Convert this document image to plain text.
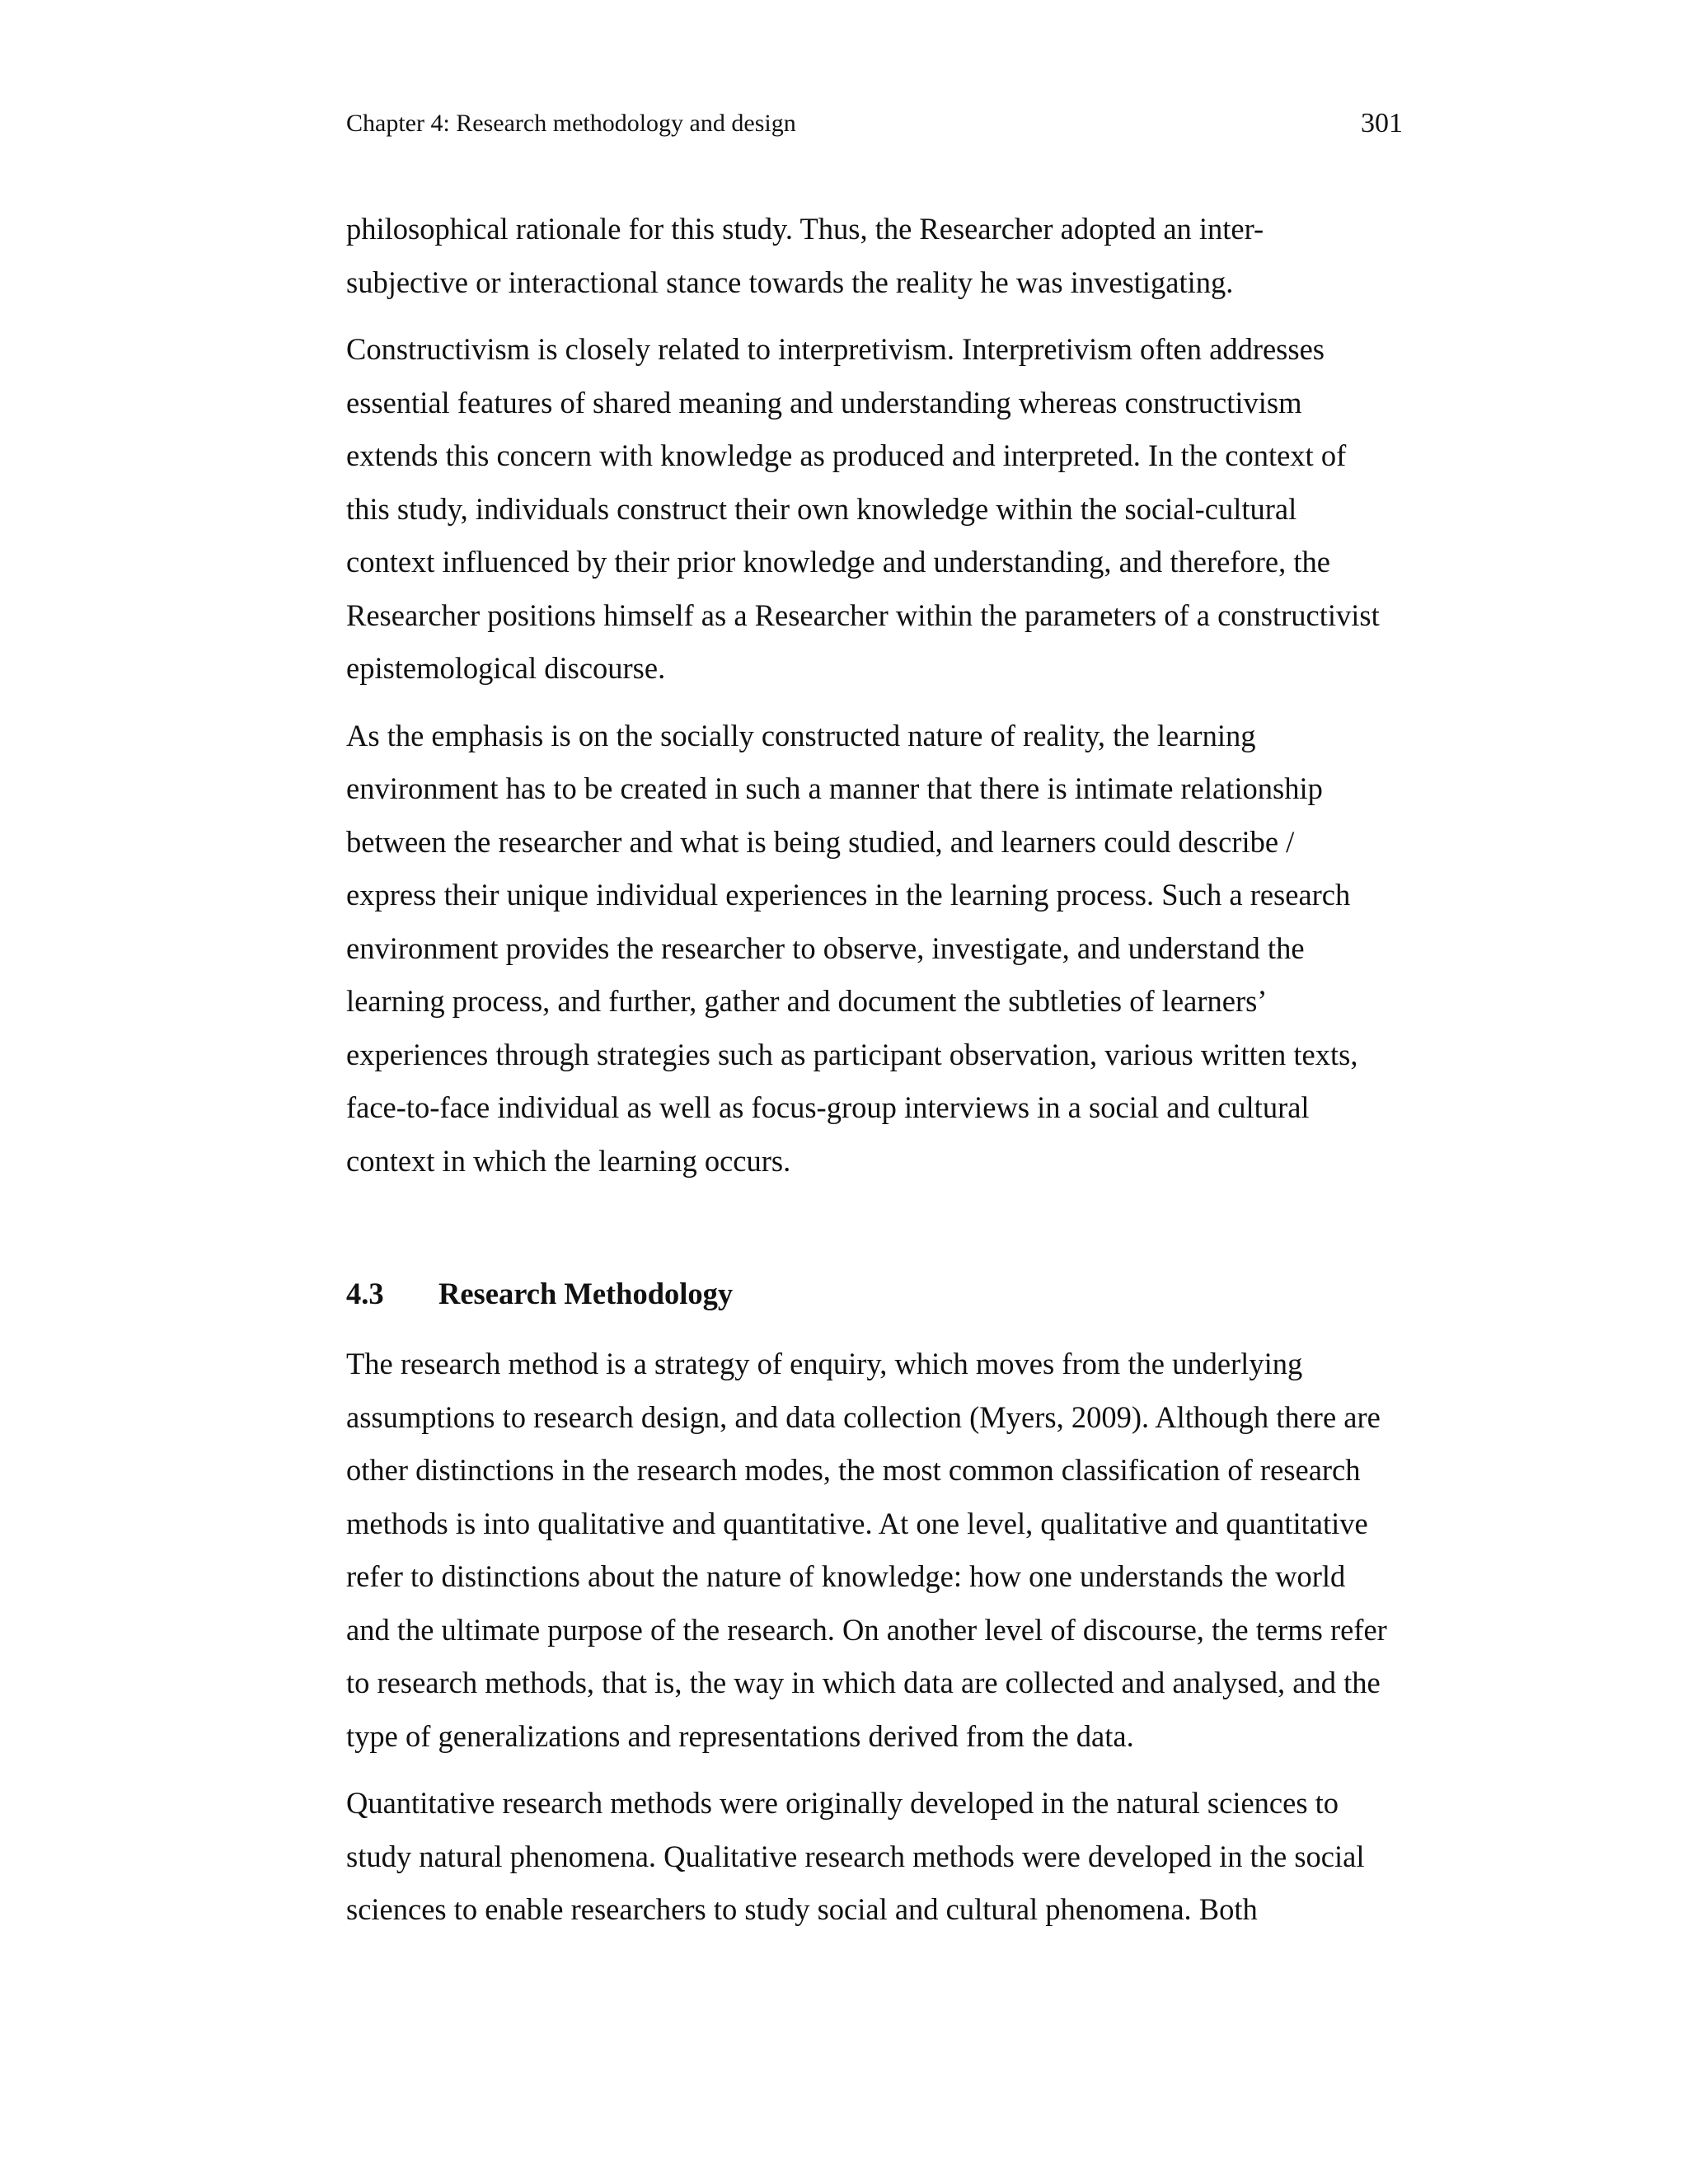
Chapter 4: Research methodology and design	301

philosophical rationale for this study. Thus, the Researcher adopted an inter-
subjective or interactional stance towards the reality he was investigating.

Constructivism is closely related to interpretivism. Interpretivism often addresses
essential features of shared meaning and understanding whereas constructivism
extends this concern with knowledge as produced and interpreted. In the context of
this study, individuals construct their own knowledge within the social-cultural
context influenced by their prior knowledge and understanding, and therefore, the
Researcher positions himself as a Researcher within the parameters of a constructivist
epistemological discourse.

As the emphasis is on the socially constructed nature of reality, the learning
environment has to be created in such a manner that there is intimate relationship
between the researcher and what is being studied, and learners could describe /
express their unique individual experiences in the learning process. Such a research
environment provides the researcher to observe, investigate, and understand the
learning process, and further, gather and document the subtleties of learners’
experiences through strategies such as participant observation, various written texts,
face-to-face individual as well as focus-group interviews in a social and cultural
context in which the learning occurs.

4.3 Research Methodology

The research method is a strategy of enquiry, which moves from the underlying
assumptions to research design, and data collection (Myers, 2009). Although there are
other distinctions in the research modes, the most common classification of research
methods is into qualitative and quantitative. At one level, qualitative and quantitative
refer to distinctions about the nature of knowledge: how one understands the world
and the ultimate purpose of the research. On another level of discourse, the terms refer
to research methods, that is, the way in which data are collected and analysed, and the
type of generalizations and representations derived from the data.

Quantitative research methods were originally developed in the natural sciences to
study natural phenomena. Qualitative research methods were developed in the social
sciences to enable researchers to study social and cultural phenomena. Both
